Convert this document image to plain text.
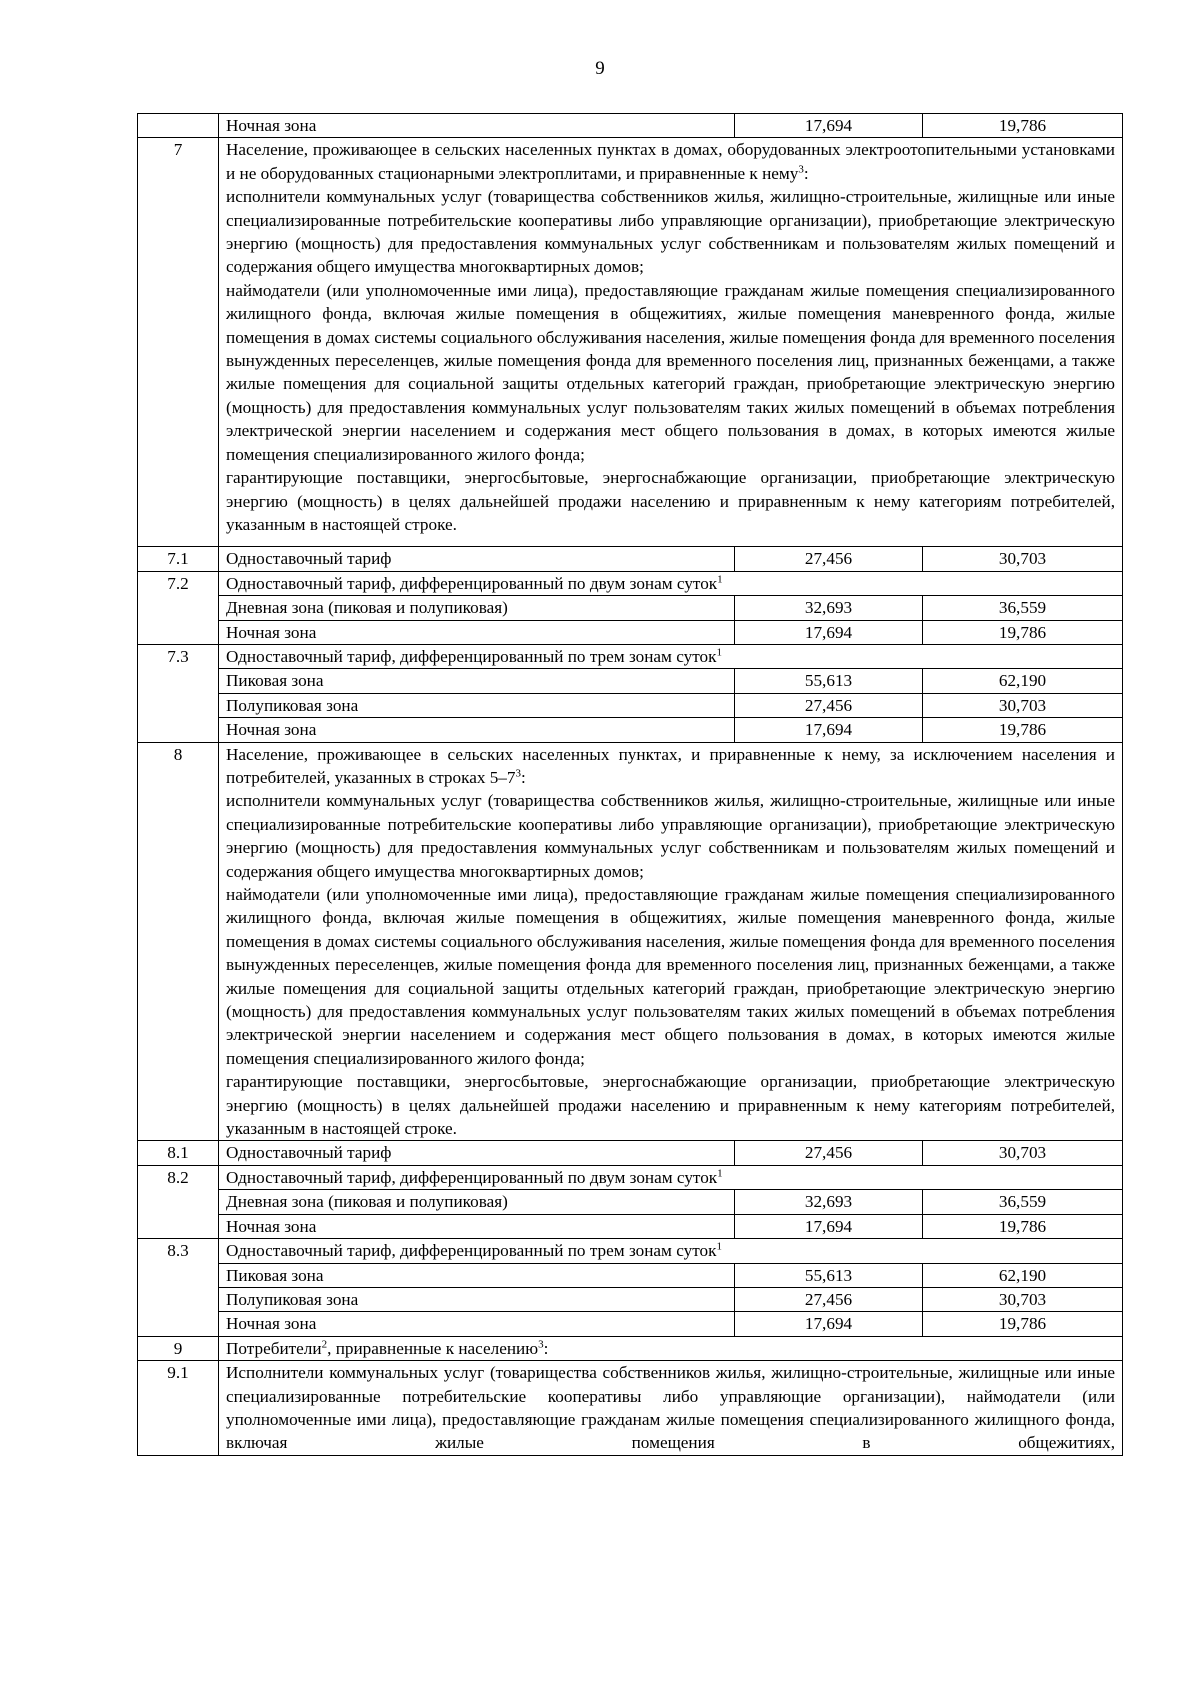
9
	Ночная зона	17,694	19,786
7	Население, проживающее в сельских населенных пунктах в домах, оборудованных электроотопительными установками и не оборудованных стационарными электроплитами, и приравненные к нему$^3$:
исполнители коммунальных услуг (товарищества собственников жилья, жилищно-строительные, жилищные или иные специализированные потребительские кооперативы либо управляющие организации), приобретающие электрическую энергию (мощность) для предоставления коммунальных услуг собственникам и пользователям жилых помещений и содержания общего имущества многоквартирных домов;
наймодатели (или уполномоченные ими лица), предоставляющие гражданам жилые помещения специализированного жилищного фонда, включая жилые помещения в общежитиях, жилые помещения маневренного фонда, жилые помещения в домах системы социального обслуживания населения, жилые помещения фонда для временного поселения вынужденных переселенцев, жилые помещения фонда для временного поселения лиц, признанных беженцами, а также жилые помещения для социальной защиты отдельных категорий граждан, приобретающие электрическую энергию (мощность) для предоставления коммунальных услуг пользователям таких жилых помещений в объемах потребления электрической энергии населением и содержания мест общего пользования в домах, в которых имеются жилые помещения специализированного жилого фонда;
гарантирующие поставщики, энергосбытовые, энергоснабжающие организации, приобретающие электрическую энергию (мощность) в целях дальнейшей продажи населению и приравненным к нему категориям потребителей, указанным в настоящей строке.		

7.1	Одноставочный тариф	27,456	30,703
7.2	Одноставочный тариф, дифференцированный по двум зонам суток$^1$
	Дневная зона (пиковая и полупиковая)	32,693	36,559
	Ночная зона	17,694	19,786
7.3	Одноставочный тариф, дифференцированный по трем зонам суток$^1$
	Пиковая зона	55,613	62,190
	Полупиковая зона	27,456	30,703
	Ночная зона	17,694	19,786
8	Население, проживающее в сельских населенных пунктах, и приравненные к нему, за исключением населения и потребителей, указанных в строках $5-7^3$:
исполнители коммунальных услуг (товарищества собственников жилья, жилищно-строительные, жилищные или иные специализированные потребительские кооперативы либо управляющие организации), приобретающие электрическую энергию (мощность) для предоставления коммунальных услуг собственникам и пользователям жилых помещений и содержания общего имущества многоквартирных домов;
наймодатели (или уполномоченные ими лица), предоставляющие гражданам жилые помещения специализированного жилищного фонда, включая жилые помещения в общежитиях, жилые помещения маневренного фонда, жилые помещения в домах системы социального обслуживания населения, жилые помещения фонда для временного поселения вынужденных переселенцев, жилые помещения фонда для временного поселения лиц, признанных беженцами, а также жилые помещения для социальной защиты отдельных категорий граждан, приобретающие электрическую энергию (мощность) для предоставления коммунальных услуг пользователям таких жилых помещений в объемах потребления электрической энергии населением и содержания мест общего пользования в домах, в которых имеются жилые помещения специализированного жилого фонда;
гарантирующие поставщики, энергосбытовые, энергоснабжающие организации, приобретающие электрическую энергию (мощность) в целях дальнейшей продажи населению и приравненным к нему категориям потребителей, указанным в настоящей строке.		

8.1	Одноставочный тариф	27,456	30,703
8.2	Одноставочный тариф, дифференцированный по двум зонам суток$^1$
	Дневная зона (пиковая и полупиковая)	32,693	36,559
	Ночная зона	17,694	19,786
8.3	Одноставочный тариф, дифференцированный по трем зонам суток$^1$
	Пиковая зона	55,613	62,190
	Полупиковая зона	27,456	30,703
	Ночная зона	17,694	19,786
9	Потребители$^2$, приравненные к населению$^3$:		
9.1	Исполнители коммунальных услуг (товарищества собственников жилья, жилищно-строительные, жилищные или иные специализированные потребительские кооперативы либо управляющие организации), наймодатели (или уполномоченные ими лица), предоставляющие гражданам жилые помещения специализированного жилищного фонда, включая жилые помещения в общежитиях,		
